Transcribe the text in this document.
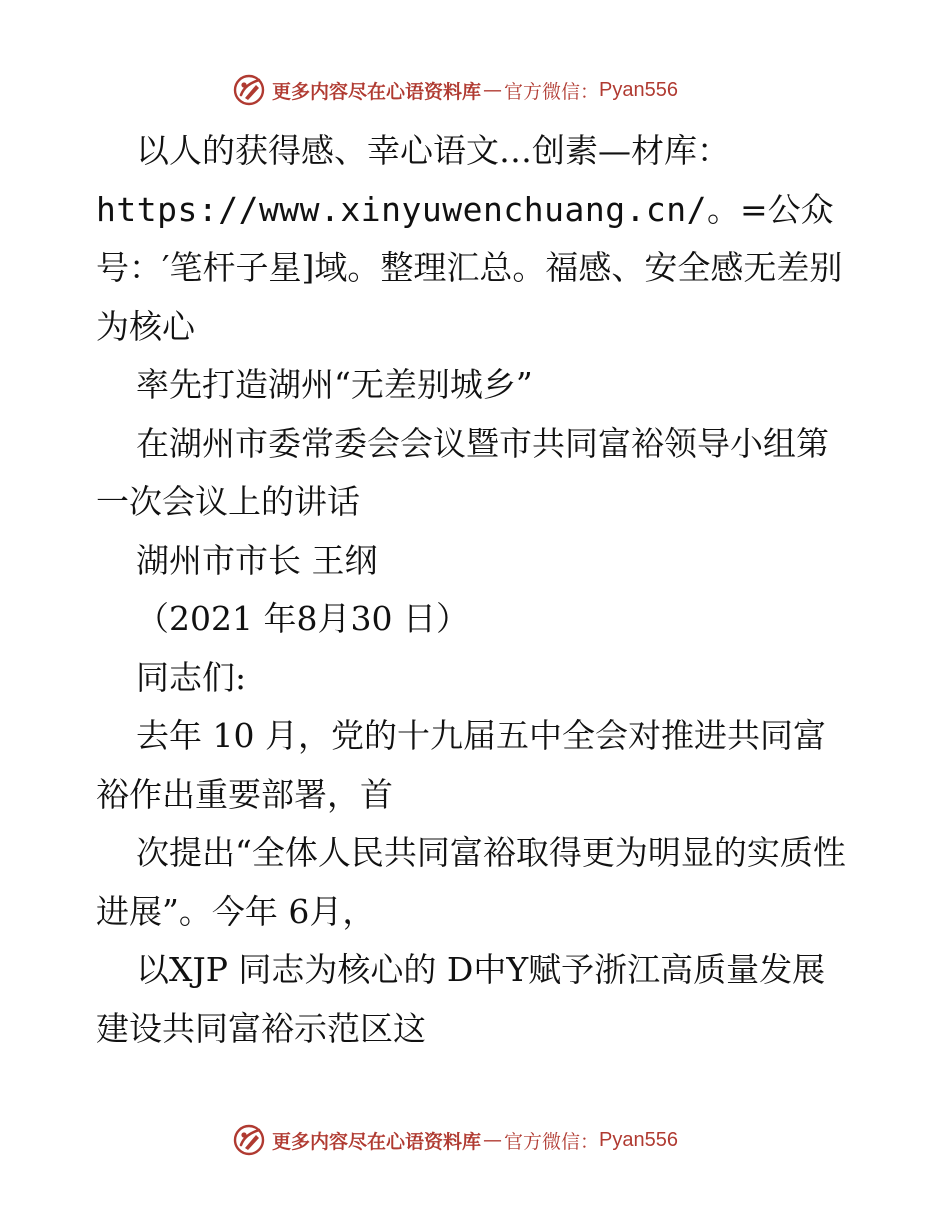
更多内容尽在心语资料库 — 官方微信： Pyan556

以人的获得感、幸心语文…创素—材库：https://www.xinyuwenchuang.cn/。=公众号：′笔杆子星]域。整理汇总。福感、安全感无差别为核心

率先打造湖州“无差别城乡”

在湖州市委常委会会议暨市共同富裕领导小组第一次会议上的讲话

湖州市市长 王纲

（2021 年8月30 日）

同志们:

去年 10 月，党的十九届五中全会对推进共同富裕作出重要部署，首

次提出“全体人民共同富裕取得更为明显的实质性进展”。今年 6月，

以XJP 同志为核心的 D中Y赋予浙江高质量发展建设共同富裕示范区这

更多内容尽在心语资料库 — 官方微信： Pyan556
